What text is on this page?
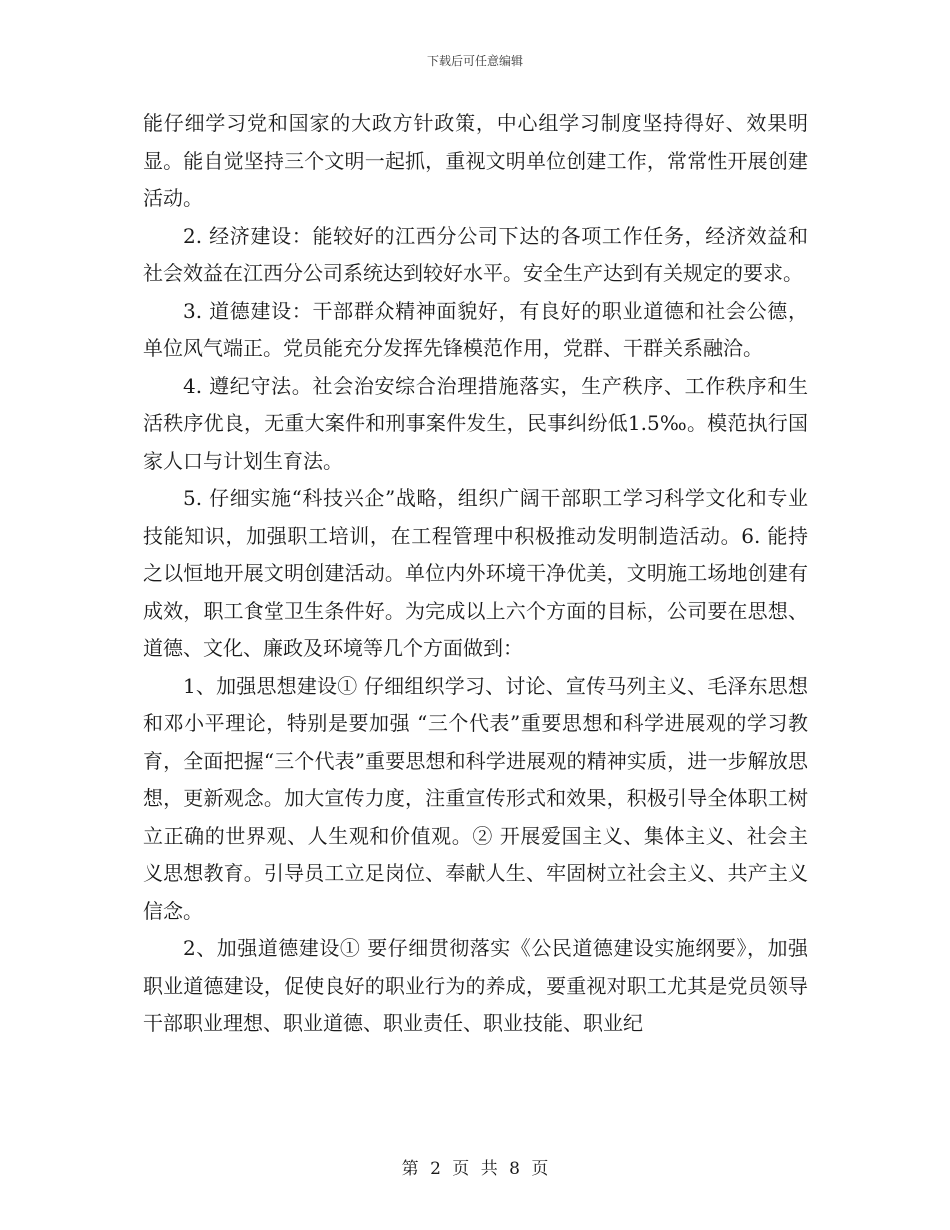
下载后可任意编辑

能仔细学习党和国家的大政方针政策，中心组学习制度坚持得好、效果明显。能自觉坚持三个文明一起抓，重视文明单位创建工作，常常性开展创建活动。

2. 经济建设：能较好的江西分公司下达的各项工作任务，经济效益和社会效益在江西分公司系统达到较好水平。安全生产达到有关规定的要求。

3. 道德建设：干部群众精神面貌好，有良好的职业道德和社会公德，单位风气端正。党员能充分发挥先锋模范作用，党群、干群关系融洽。

4. 遵纪守法。社会治安综合治理措施落实，生产秩序、工作秩序和生活秩序优良，无重大案件和刑事案件发生，民事纠纷低1.5‰。模范执行国家人口与计划生育法。

5. 仔细实施“科技兴企”战略，组织广阔干部职工学习科学文化和专业技能知识，加强职工培训，在工程管理中积极推动发明制造活动。6. 能持之以恒地开展文明创建活动。单位内外环境干净优美，文明施工场地创建有成效，职工食堂卫生条件好。为完成以上六个方面的目标，公司要在思想、道德、文化、廉政及环境等几个方面做到：

1、加强思想建设① 仔细组织学习、讨论、宣传马列主义、毛泽东思想和邓小平理论，特别是要加强 “三个代表”重要思想和科学进展观的学习教育，全面把握“三个代表”重要思想和科学进展观的精神实质，进一步解放思想，更新观念。加大宣传力度，注重宣传形式和效果，积极引导全体职工树立正确的世界观、人生观和价值观。② 开展爱国主义、集体主义、社会主义思想教育。引导员工立足岗位、奉献人生、牢固树立社会主义、共产主义信念。

2、加强道德建设① 要仔细贯彻落实《公民道德建设实施纲要》，加强职业道德建设，促使良好的职业行为的养成，要重视对职工尤其是党员领导干部职业理想、职业道德、职业责任、职业技能、职业纪

第 2 页 共 8 页
